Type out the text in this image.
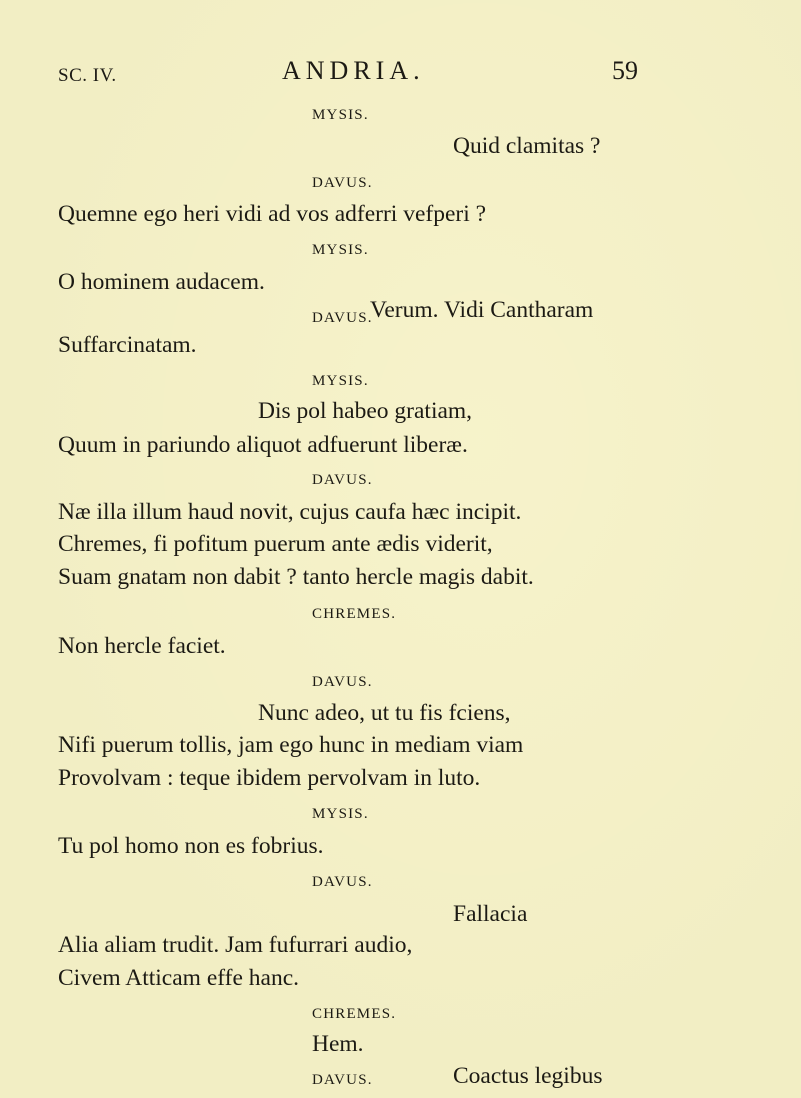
SC. IV.	ANDRIA.	59
MYSIS.
Quid clamitas ?
DAVUS.
Quemne ego heri vidi ad vos adferri vefperi ?
MYSIS.
O hominem audacem.
DAVUS.
Verum. Vidi Cantharam
Suffarcinatam.
MYSIS.
Dis pol habeo gratiam,
Quum in pariundo aliquot adfuerunt liberæ.
DAVUS.
Næ illa illum haud novit, cujus caufa hæc incipit.
Chremes, fi pofitum puerum ante ædis viderit,
Suam gnatam non dabit ? tanto hercle magis dabit.
CHREMES.
Non hercle faciet.
DAVUS.
Nunc adeo, ut tu fis fciens,
Nifi puerum tollis, jam ego hunc in mediam viam
Provolvam : teque ibidem pervolvam in luto.
MYSIS.
Tu pol homo non es fobrius.
DAVUS.
Fallacia
Alia aliam trudit. Jam fufurrari audio,
Civem Atticam effe hanc.
CHREMES.
Hem.
DAVUS.	Coactus legibus
